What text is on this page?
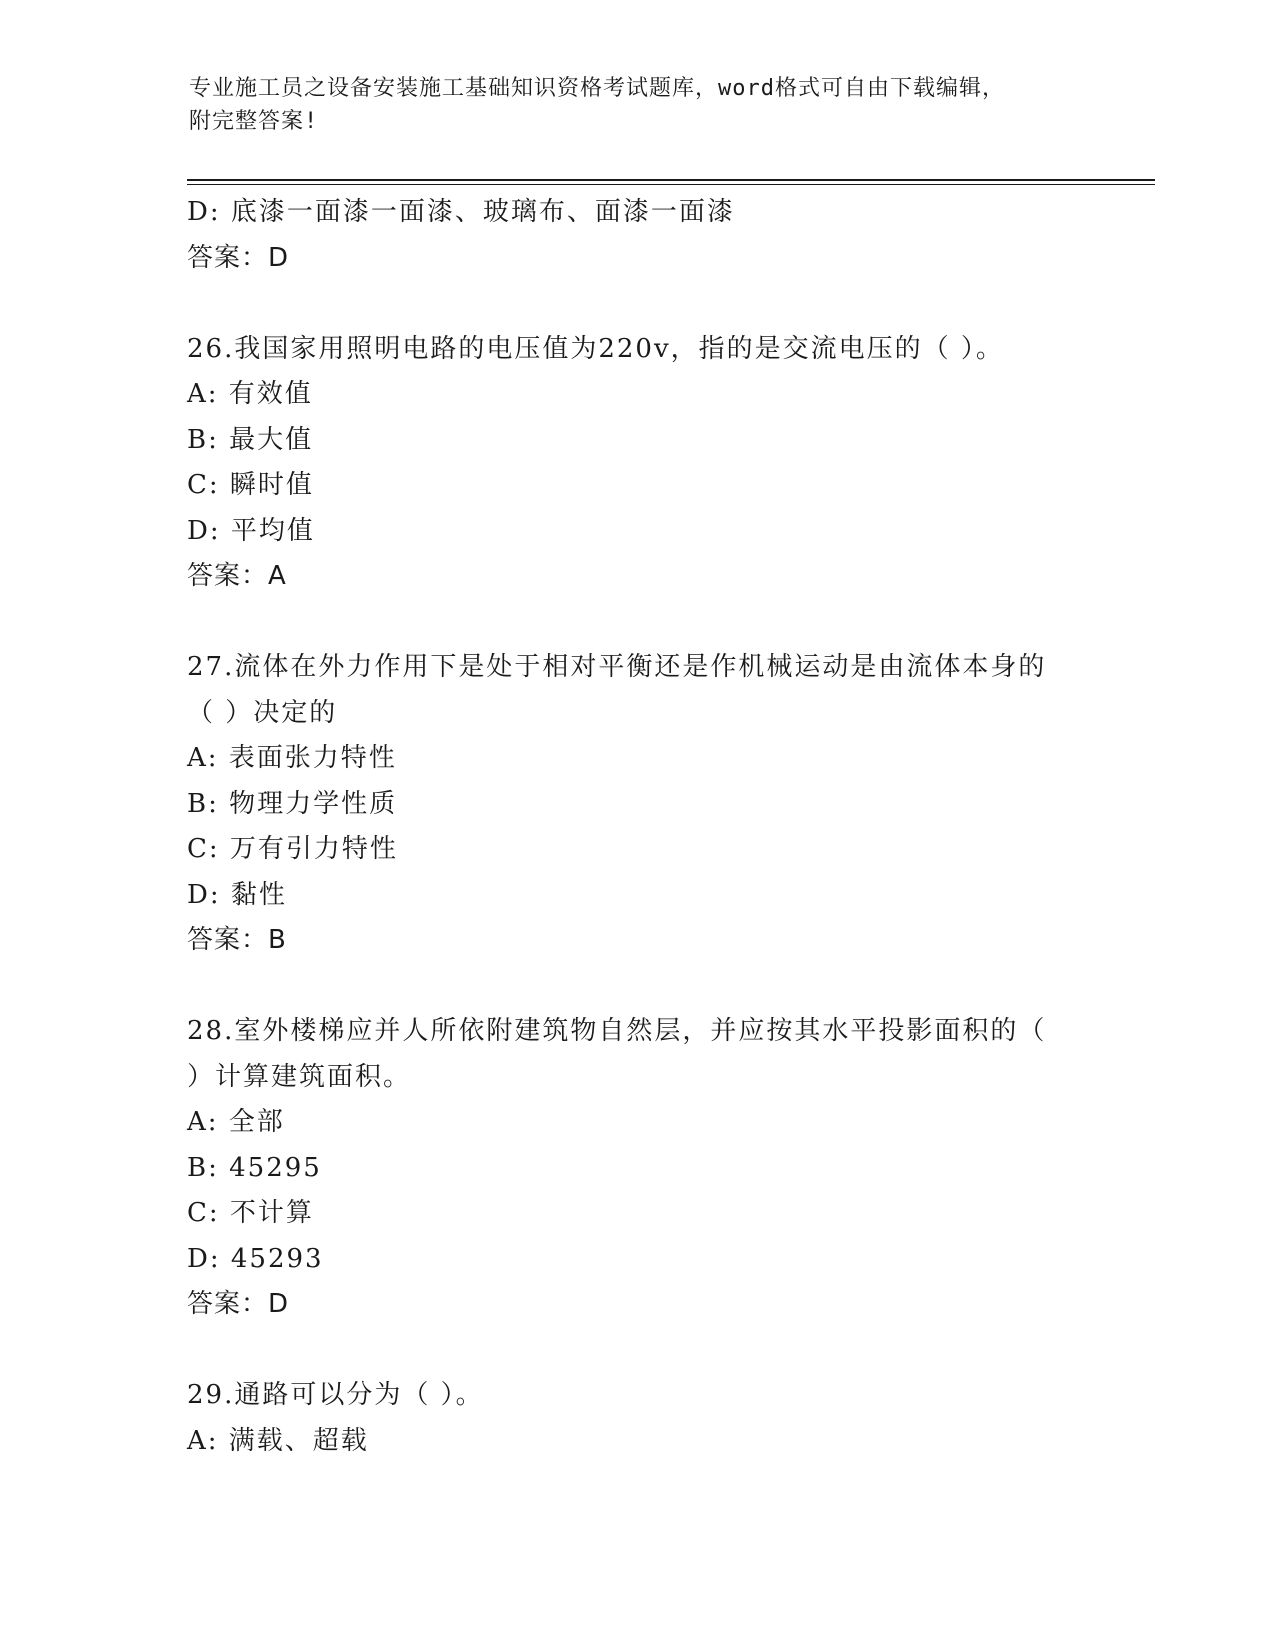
专业施工员之设备安装施工基础知识资格考试题库，word格式可自由下载编辑，
附完整答案!
D: 底漆一面漆一面漆、玻璃布、面漆一面漆
答案：D
26.我国家用照明电路的电压值为220v，指的是交流电压的（ ）。
A: 有效值
B: 最大值
C: 瞬时值
D: 平均值
答案：A
27.流体在外力作用下是处于相对平衡还是作机械运动是由流体本身的
（ ）决定的
A: 表面张力特性
B: 物理力学性质
C: 万有引力特性
D: 黏性
答案：B
28.室外楼梯应并人所依附建筑物自然层，并应按其水平投影面积的（
）计算建筑面积。
A: 全部
B: 45295
C: 不计算
D: 45293
答案：D
29.通路可以分为（ ）。
A: 满载、超载
